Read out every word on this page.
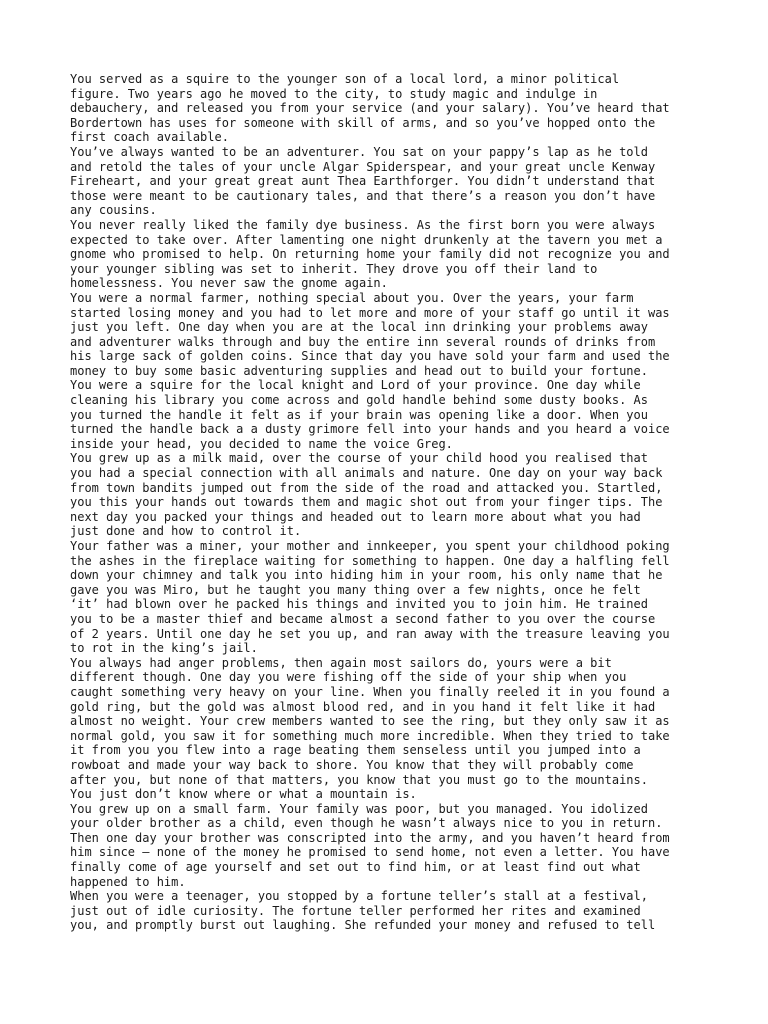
You served as a squire to the younger son of a local lord, a minor political
figure. Two years ago he moved to the city, to study magic and indulge in
debauchery, and released you from your service (and your salary). You’ve heard that
Bordertown has uses for someone with skill of arms, and so you’ve hopped onto the
first coach available.
You’ve always wanted to be an adventurer. You sat on your pappy’s lap as he told
and retold the tales of your uncle Algar Spiderspear, and your great uncle Kenway
Fireheart, and your great great aunt Thea Earthforger. You didn’t understand that
those were meant to be cautionary tales, and that there’s a reason you don’t have
any cousins.
You never really liked the family dye business. As the first born you were always
expected to take over. After lamenting one night drunkenly at the tavern you met a
gnome who promised to help. On returning home your family did not recognize you and
your younger sibling was set to inherit. They drove you off their land to
homelessness. You never saw the gnome again.
You were a normal farmer, nothing special about you. Over the years, your farm
started losing money and you had to let more and more of your staff go until it was
just you left. One day when you are at the local inn drinking your problems away
and adventurer walks through and buy the entire inn several rounds of drinks from
his large sack of golden coins. Since that day you have sold your farm and used the
money to buy some basic adventuring supplies and head out to build your fortune.
You were a squire for the local knight and Lord of your province. One day while
cleaning his library you come across and gold handle behind some dusty books. As
you turned the handle it felt as if your brain was opening like a door. When you
turned the handle back a a dusty grimore fell into your hands and you heard a voice
inside your head, you decided to name the voice Greg.
You grew up as a milk maid, over the course of your child hood you realised that
you had a special connection with all animals and nature. One day on your way back
from town bandits jumped out from the side of the road and attacked you. Startled,
you this your hands out towards them and magic shot out from your finger tips. The
next day you packed your things and headed out to learn more about what you had
just done and how to control it.
Your father was a miner, your mother and innkeeper, you spent your childhood poking
the ashes in the fireplace waiting for something to happen. One day a halfling fell
down your chimney and talk you into hiding him in your room, his only name that he
gave you was Miro, but he taught you many thing over a few nights, once he felt
‘it’ had blown over he packed his things and invited you to join him. He trained
you to be a master thief and became almost a second father to you over the course
of 2 years. Until one day he set you up, and ran away with the treasure leaving you
to rot in the king’s jail.
You always had anger problems, then again most sailors do, yours were a bit
different though. One day you were fishing off the side of your ship when you
caught something very heavy on your line. When you finally reeled it in you found a
gold ring, but the gold was almost blood red, and in you hand it felt like it had
almost no weight. Your crew members wanted to see the ring, but they only saw it as
normal gold, you saw it for something much more incredible. When they tried to take
it from you you flew into a rage beating them senseless until you jumped into a
rowboat and made your way back to shore. You know that they will probably come
after you, but none of that matters, you know that you must go to the mountains.
You just don’t know where or what a mountain is.
You grew up on a small farm. Your family was poor, but you managed. You idolized
your older brother as a child, even though he wasn’t always nice to you in return.
Then one day your brother was conscripted into the army, and you haven’t heard from
him since – none of the money he promised to send home, not even a letter. You have
finally come of age yourself and set out to find him, or at least find out what
happened to him.
When you were a teenager, you stopped by a fortune teller’s stall at a festival,
just out of idle curiosity. The fortune teller performed her rites and examined
you, and promptly burst out laughing. She refunded your money and refused to tell
